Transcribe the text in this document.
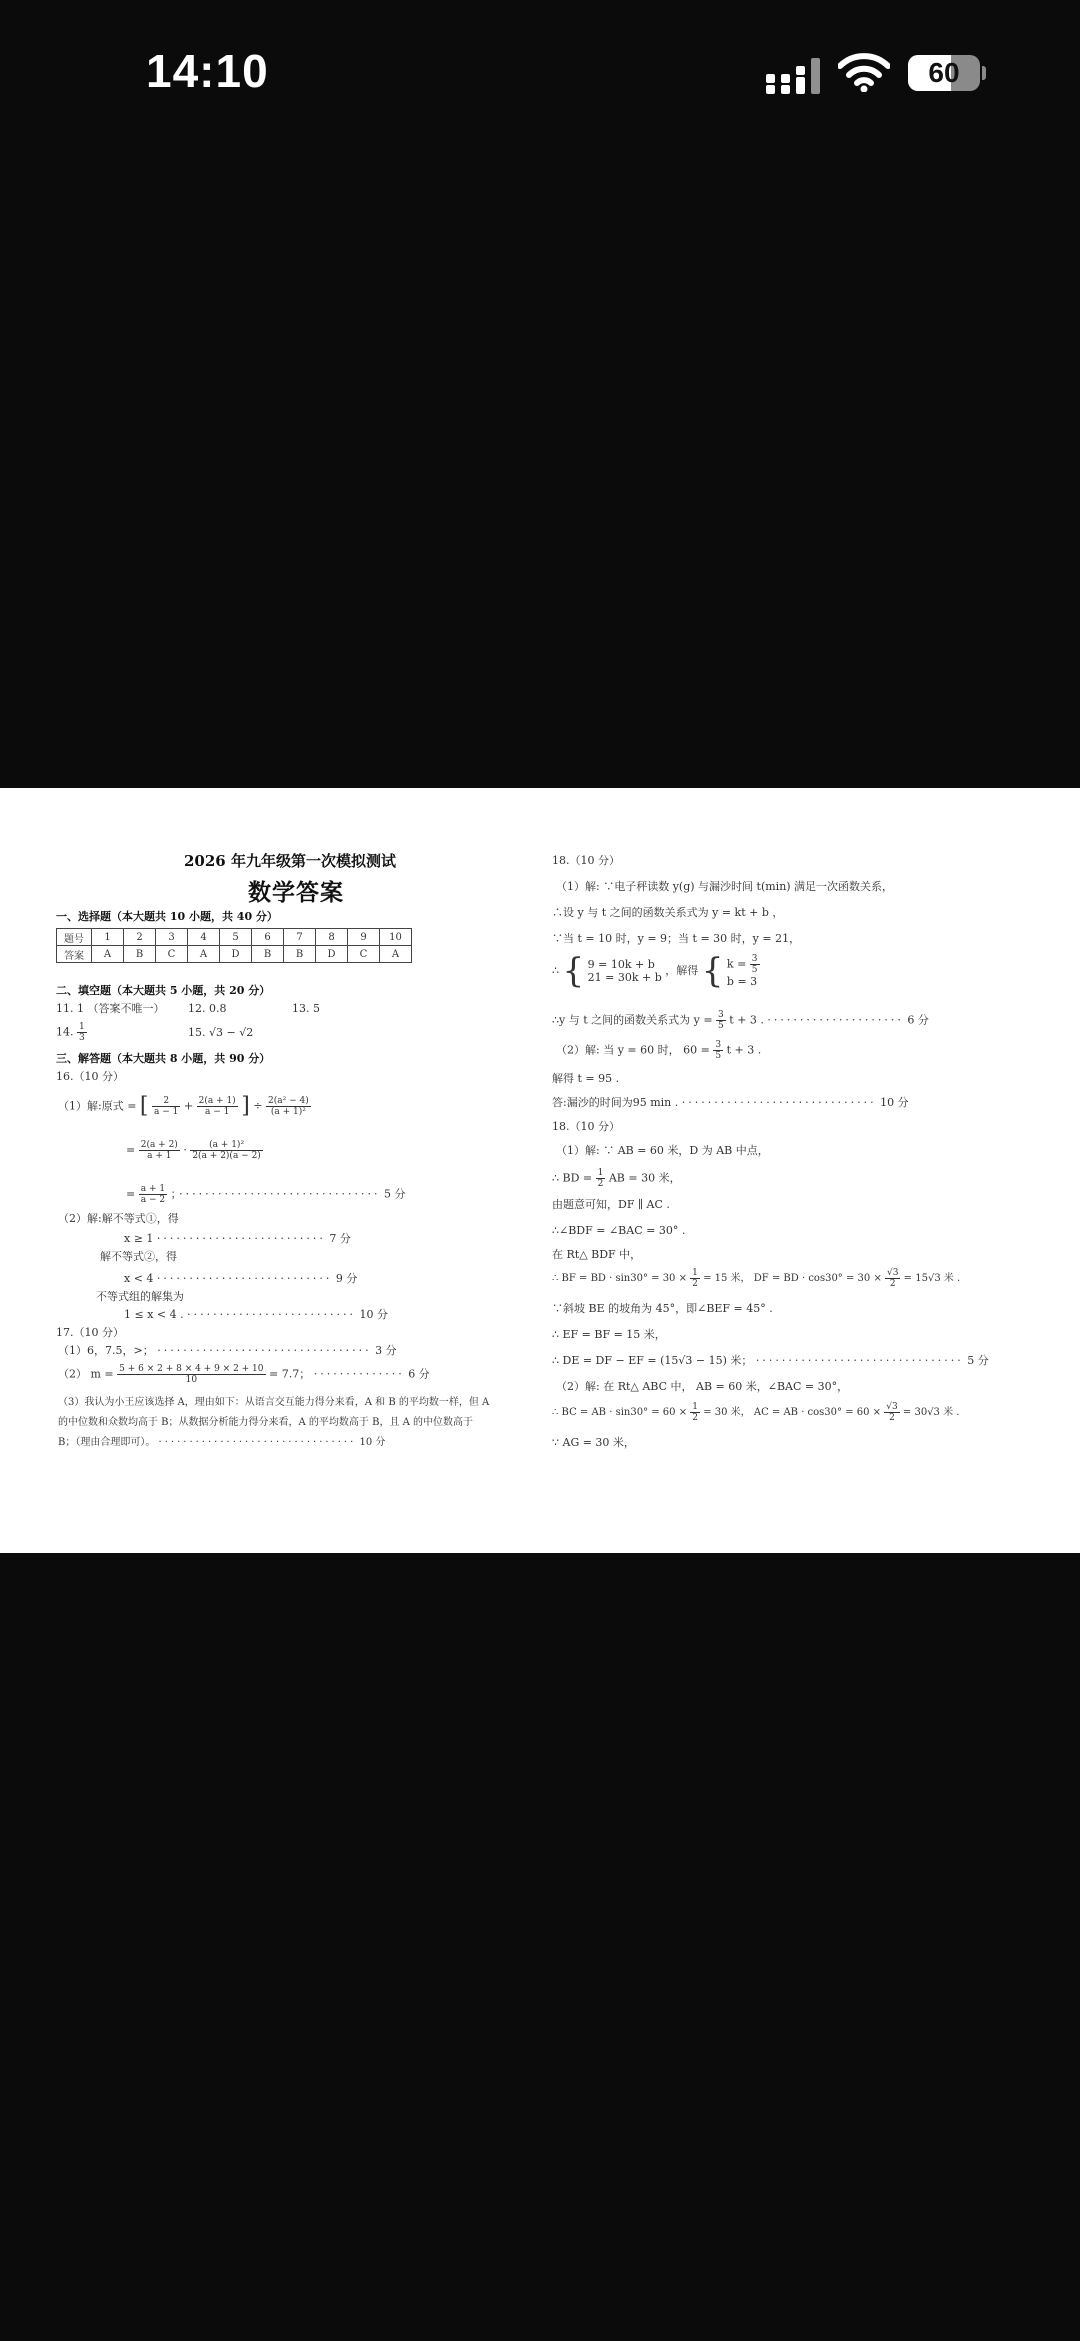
14:10	60
2026 年九年级第一次模拟测试
数学答案
一、选择题（本大题共 10 小题，共 40 分）
题号	1	2	3	4	5	6	7	8	9	10
答案	A	B	C	A	D	B	B	D	C	A
二、填空题（本大题共 5 小题，共 20 分）
11. 1 （答案不唯一） 12. 0.8	13. 5
14. $\frac{1}{3}$	15. √3 − √2
三、解答题（本大题共 8 小题，共 90 分）
16.（10 分）
（1）解:原式 = [ $\frac{2}{a - 1} + \frac{2(a + 1)}{a - 1}$ ] ÷ $\frac{\text{2(a² − 4)}}{\text{(a + 1)²}}$
= $\frac{2(a + 2)}{a + 1} \cdot \frac{\text{(a + 1)²}}{2(a + 2)(a - 2)}$
= $\frac{a + 1}{a - 2}$ ；······························· 5 分
（2）解:解不等式①，得
x ≥ 1 ·························· 7 分
解不等式②，得
x < 4 ··························· 9 分
不等式组的解集为
1 ≤ x < 4 . ·························· 10 分
17.（10 分）
（1）6，7.5，>； ································· 3 分
（2） $m = \frac{5 + 6 \times 2 + 8 \times 4 + 9 \times 2 + 10}{10} = 7.7$； ·············· 6 分
（3）我认为小王应该选择 A，理由如下：从语言交互能力得分来看，A 和 B 的平均数一样，但 A
的中位数和众数均高于 B；从数据分析能力得分来看，A 的平均数高于 B，且 A 的中位数高于
B；（理由合理即可）。 ································ 10 分
18.（10 分）
（1）解: ∵电子秤读数 y(g) 与漏沙时间 t(min) 满足一次函数关系，
∴设 y 与 t 之间的函数关系式为 y = kt + b ，
∵当 t = 10 时，y = 9；当 t = 30 时，y = 21，
∴ { 9 = 10k + b
21 = 30k + b ，解得 { $k = \frac{3}{5}$

b = 3
∴y 与 t 之间的函数关系式为 $y = \frac{3}{5}$ t + 3 . ····················· 6 分
（2）解: 当 y = 60 时， $60 = \frac{3}{5}$ t + 3 .
解得 t = 95 .
答:漏沙的时间为95 min . ······························ 10 分
18.（10 分）
（1）解: ∵ AB = 60 米，D 为 AB 中点，
∴ BD = $\frac{1}{2}$ AB = 30 米，
由题意可知，DF ∥ AC .
∴∠BDF = ∠BAC = 30° .
在 Rt△ BDF 中，
∴ BF = BD · $\sin 30^\circ = 30 \times \frac{1}{2} = 15$ 米， DF = BD · $\cos 30^\circ = 30 \times \frac{√3}{2} = 15√3$ 米 .
∵斜坡 BE 的坡角为 45°，即∠BEF = 45° .
∴ EF = BF = 15 米，
∴ DE = DF − EF = (15√3 − 15) 米； ································ 5 分
（2）解: 在 Rt△ ABC 中， AB = 60 米，∠BAC = 30°，
∴ BC = AB · $\sin 30^\circ = 60 \times \frac{1}{2} = 30$ 米， AC = AB · $\cos 30^\circ = 60 \times \frac{√3}{2} = 30√3$ 米 .
∵ AG = 30 米，
